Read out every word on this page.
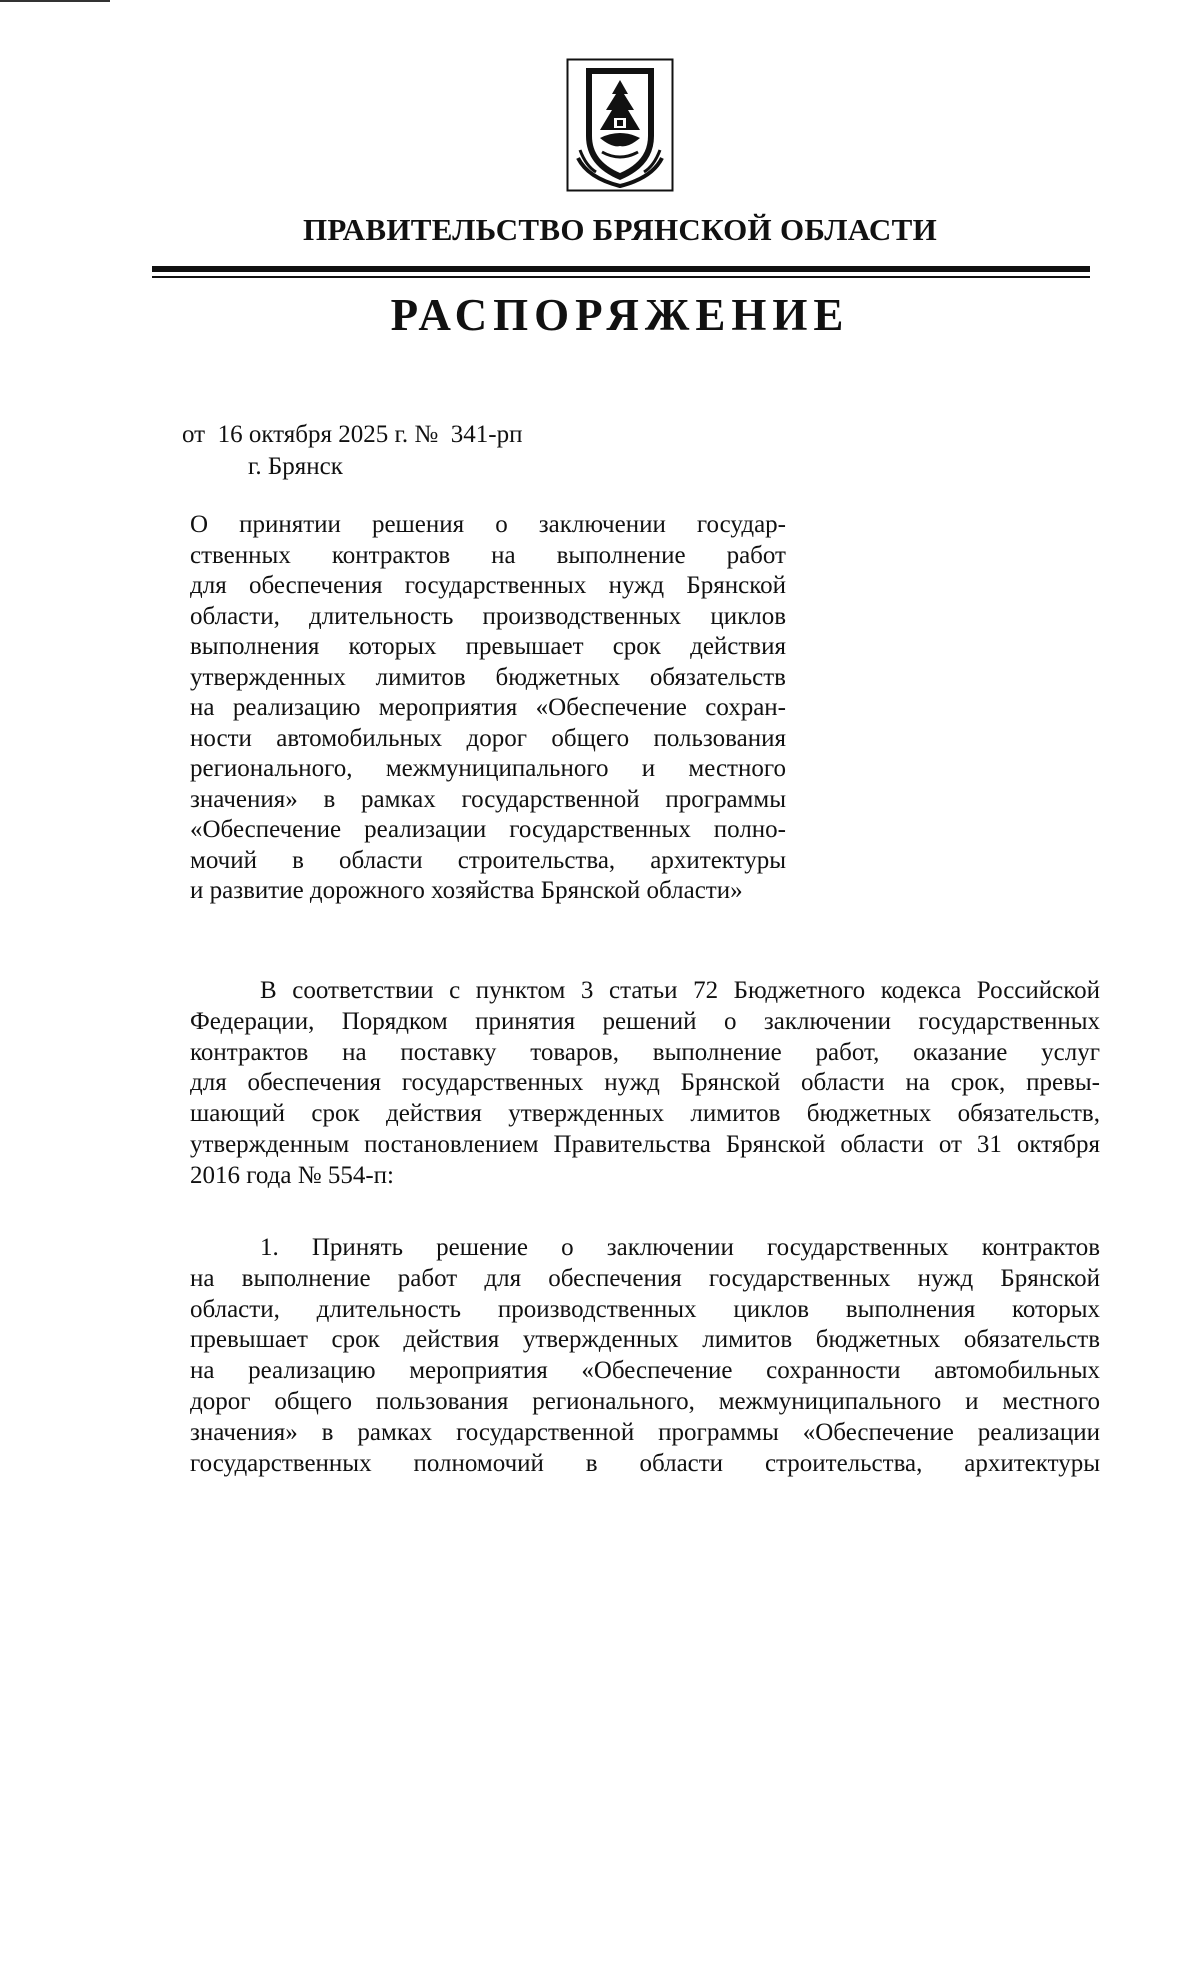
ПРАВИТЕЛЬСТВО БРЯНСКОЙ ОБЛАСТИ
РАСПОРЯЖЕНИЕ
от  16 октября 2025 г. №  341-рп
г. Брянск
О принятии решения о заключении государ-
ственных контрактов на выполнение работ
для обеспечения государственных нужд Брянской
области, длительность производственных циклов
выполнения которых превышает срок действия
утвержденных лимитов бюджетных обязательств
на реализацию мероприятия «Обеспечение сохран-
ности автомобильных дорог общего пользования
регионального, межмуниципального и местного
значения» в рамках государственной программы
«Обеспечение реализации государственных полно-
мочий в области строительства, архитектуры
и развитие дорожного хозяйства Брянской области»
В соответствии с пунктом 3 статьи 72 Бюджетного кодекса Российской
Федерации, Порядком принятия решений о заключении государственных
контрактов на поставку товаров, выполнение работ, оказание услуг
для обеспечения государственных нужд Брянской области на срок, превы-
шающий срок действия утвержденных лимитов бюджетных обязательств,
утвержденным постановлением Правительства Брянской области от 31 октября
2016 года № 554-п:
1. Принять решение о заключении государственных контрактов
на выполнение работ для обеспечения государственных нужд Брянской
области, длительность производственных циклов выполнения которых
превышает срок действия утвержденных лимитов бюджетных обязательств
на реализацию мероприятия «Обеспечение сохранности автомобильных
дорог общего пользования регионального, межмуниципального и местного
значения» в рамках государственной программы «Обеспечение реализации
государственных полномочий в области строительства, архитектуры
